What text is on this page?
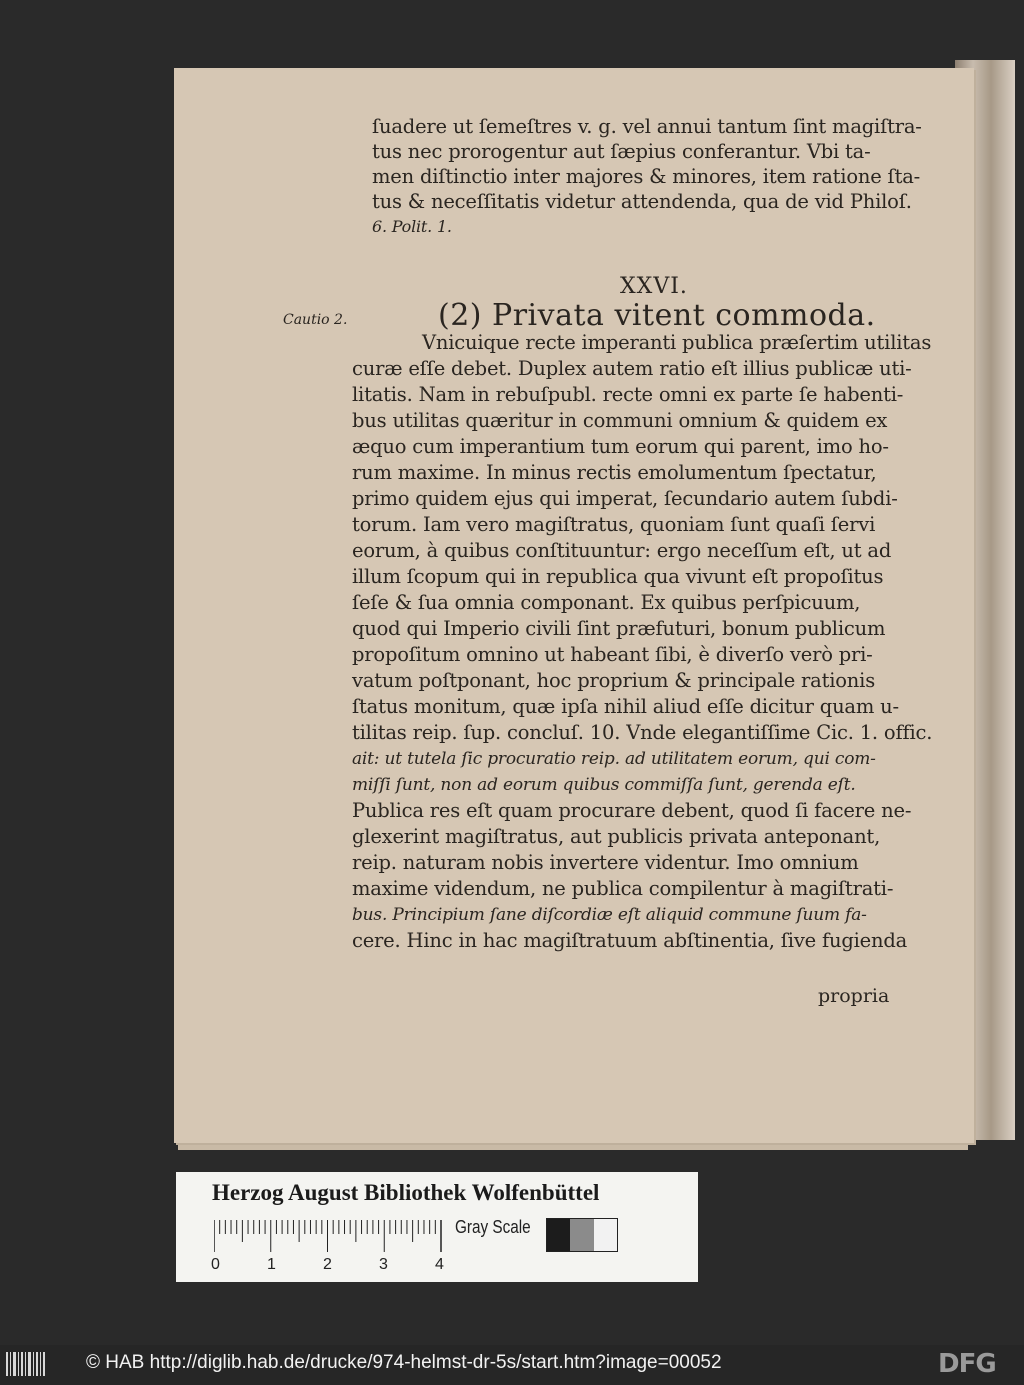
ſuadere ut ſemeſtres v. g. vel annui tantum ſint magiſtra-
tus nec prorogentur aut ſæpius conferantur. Vbi ta-
men diſtinctio inter majores & minores, item ratione ſta-
tus & neceſſitatis videtur attendenda, qua de vid Philoſ.
6. Polit. 1.
XXVI.
Cautio 2.	(2) Privata vitent commoda.
Vnicuique recte imperanti publica præſertim utilitas
curæ eſſe debet. Duplex autem ratio eſt illius publicæ uti-
litatis. Nam in rebuſpubl. recte omni ex parte ſe habenti-
bus utilitas quæritur in communi omnium & quidem ex
æquo cum imperantium tum eorum qui parent, imo ho-
rum maxime. In minus rectis emolumentum ſpectatur,
primo quidem ejus qui imperat, ſecundario autem ſubdi-
torum. Iam vero magiſtratus, quoniam ſunt quaſi ſervi
eorum, à quibus conſtituuntur: ergo neceſſum eſt, ut ad
illum ſcopum qui in republica qua vivunt eſt propoſitus
ſeſe & ſua omnia componant. Ex quibus perſpicuum,
quod qui Imperio civili ſint præfuturi, bonum publicum
propoſitum omnino ut habeant ſibi, è diverſo verò pri-
vatum poſtponant, hoc proprium & principale rationis
ſtatus monitum, quæ ipſa nihil aliud eſſe dicitur quam u-
tilitas reip. ſup. concluſ. 10. Vnde elegantiſſime Cic. 1. offic.
ait: ut tutela ſic procuratio reip. ad utilitatem eorum, qui com-
miſſi ſunt, non ad eorum quibus commiſſa ſunt, gerenda eſt.
Publica res eſt quam procurare debent, quod ſi facere ne-
glexerint magiſtratus, aut publicis privata anteponant,
reip. naturam nobis invertere videntur. Imo omnium
maxime videndum, ne publica compilentur à magiſtrati-
bus. Principium ſane diſcordiæ eſt aliquid commune ſuum fa-
cere. Hinc in hac magiſtratuum abſtinentia, ſive fugienda
propria
Herzog August Bibliothek Wolfenbüttel
0	1	2	3	4
Gray Scale
© HAB http://diglib.hab.de/drucke/974-helmst-dr-5s/start.htm?image=00052	DFG
